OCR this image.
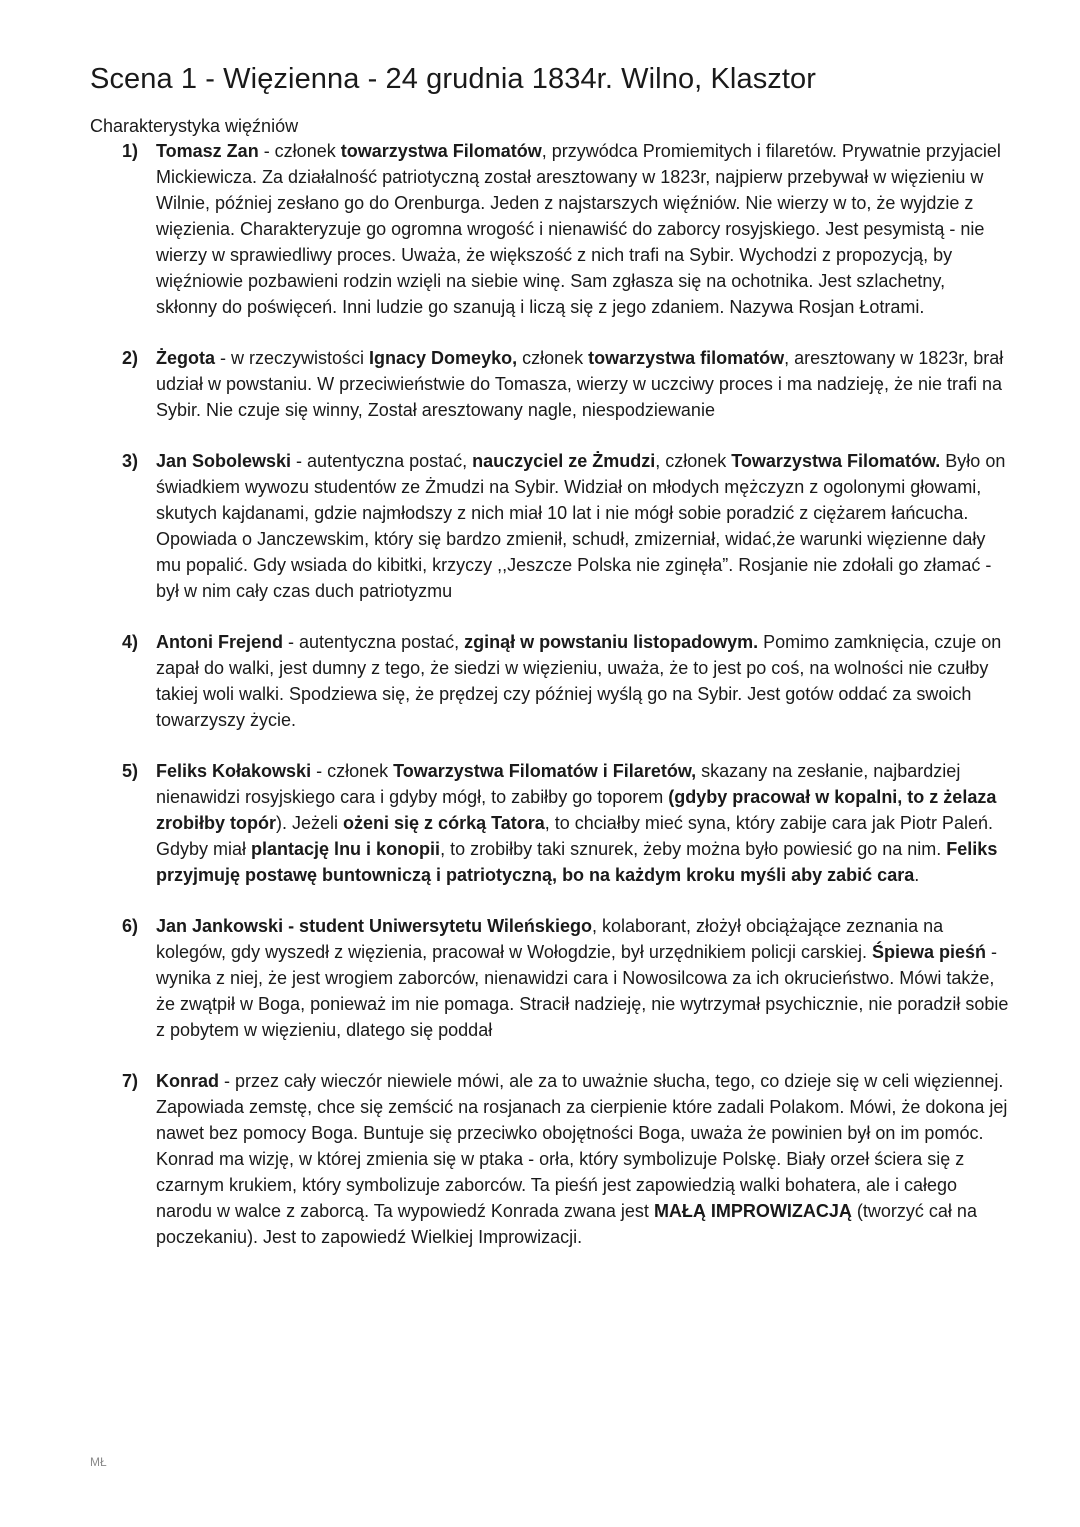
Scena 1 - Więzienna - 24 grudnia 1834r. Wilno, Klasztor

Charakterystyka więźniów

1) Tomasz Zan - członek towarzystwa Filomatów, przywódca Promiemitych i filaretów. Prywatnie przyjaciel Mickiewicza. Za działalność patriotyczną został aresztowany w 1823r, najpierw przebywał w więzieniu w Wilnie, później zesłano go do Orenburga. Jeden z najstarszych więźniów. Nie wierzy w to, że wyjdzie z więzienia. Charakteryzuje go ogromna wrogość i nienawiść do zaborcy rosyjskiego. Jest pesymistą - nie wierzy w sprawiedliwy proces. Uważa, że większość z nich trafi na Sybir. Wychodzi z propozycją, by więźniowie pozbawieni rodzin wzięli na siebie winę. Sam zgłasza się na ochotnika. Jest szlachetny, skłonny do poświęceń. Inni ludzie go szanują i liczą się z jego zdaniem. Nazywa Rosjan Łotrami.
2) Żegota - w rzeczywistości Ignacy Domeyko, członek towarzystwa filomatów, aresztowany w 1823r, brał udział w powstaniu. W przeciwieństwie do Tomasza, wierzy w uczciwy proces i ma nadzieję, że nie trafi na Sybir. Nie czuje się winny, Został aresztowany nagle, niespodziewanie
3) Jan Sobolewski - autentyczna postać, nauczyciel ze Żmudzi, członek Towarzystwa Filomatów. Było on świadkiem wywozu studentów ze Żmudzi na Sybir. Widział on młodych mężczyzn z ogolonymi głowami, skutych kajdanami, gdzie najmłodszy z nich miał 10 lat i nie mógł sobie poradzić z ciężarem łańcucha. Opowiada o Janczewskim, który się bardzo zmienił, schudł, zmizerniał, widać,że warunki więzienne dały mu popalić. Gdy wsiada do kibitki, krzyczy ,,Jeszcze Polska nie zginęła”. Rosjanie nie zdołali go złamać - był w nim cały czas duch patriotyzmu
4) Antoni Frejend - autentyczna postać, zginął w powstaniu listopadowym. Pomimo zamknięcia, czuje on zapał do walki, jest dumny z tego, że siedzi w więzieniu, uważa, że to jest po coś, na wolności nie czułby takiej woli walki. Spodziewa się, że prędzej czy później wyślą go na Sybir. Jest gotów oddać za swoich towarzyszy życie.
5) Feliks Kołakowski - członek Towarzystwa Filomatów i Filaretów, skazany na zesłanie, najbardziej nienawidzi rosyjskiego cara i gdyby mógł, to zabiłby go toporem (gdyby pracował w kopalni, to z żelaza zrobiłby topór). Jeżeli ożeni się z córką Tatora, to chciałby mieć syna, który zabije cara jak Piotr Paleń. Gdyby miał plantację lnu i konopii, to zrobiłby taki sznurek, żeby można było powiesić go na nim. Feliks przyjmuję postawę buntowniczą i patriotyczną, bo na każdym kroku myśli aby zabić cara.
6) Jan Jankowski - student Uniwersytetu Wileńskiego, kolaborant, złożył obciążające zeznania na kolegów, gdy wyszedł z więzienia, pracował w Wołogdzie, był urzędnikiem policji carskiej. Śpiewa pieśń - wynika z niej, że jest wrogiem zaborców, nienawidzi cara i Nowosilcowa za ich okrucieństwo. Mówi także, że zwątpił w Boga, ponieważ im nie pomaga. Stracił nadzieję, nie wytrzymał psychicznie, nie poradził sobie z pobytem w więzieniu, dlatego się poddał
7) Konrad - przez cały wieczór niewiele mówi, ale za to uważnie słucha, tego, co dzieje się w celi więziennej. Zapowiada zemstę, chce się zemścić na rosjanach za cierpienie które zadali Polakom. Mówi, że dokona jej nawet bez pomocy Boga. Buntuje się przeciwko obojętności Boga, uważa że powinien był on im pomóc. Konrad ma wizję, w której zmienia się w ptaka - orła, który symbolizuje Polskę. Biały orzeł ściera się z czarnym krukiem, który symbolizuje zaborców. Ta pieśń jest zapowiedzią walki bohatera, ale i całego narodu w walce z zaborcą. Ta wypowiedź Konrada zwana jest MAŁĄ IMPROWIZACJĄ (tworzyć cał na poczekaniu). Jest to zapowiedź Wielkiej Improwizacji.
MŁ
